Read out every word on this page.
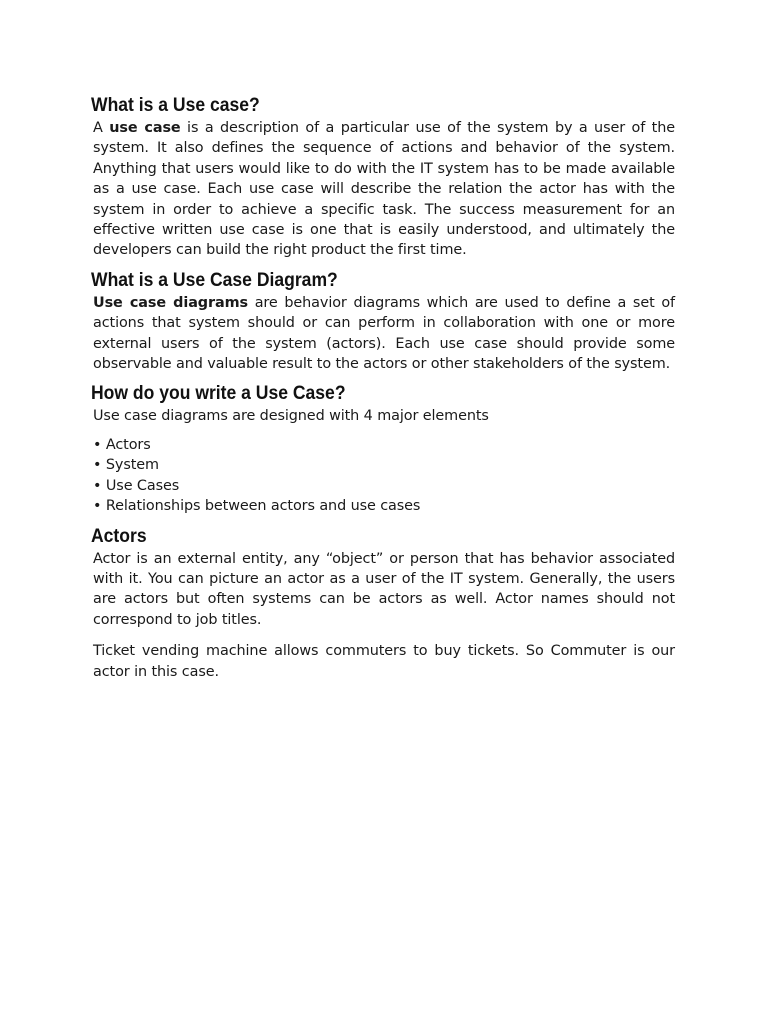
What is a Use case?

A use case is a description of a particular use of the system by a user of the system. It also defines the sequence of actions and behavior of the system. Anything that users would like to do with the IT system has to be made available as a use case. Each use case will describe the relation the actor has with the system in order to achieve a specific task. The success measurement for an effective written use case is one that is easily understood, and ultimately the developers can build the right product the first time.

What is a Use Case Diagram?

Use case diagrams are behavior diagrams which are used to define a set of actions that system should or can perform in collaboration with one or more external users of the system (actors). Each use case should provide some observable and valuable result to the actors or other stakeholders of the system.

How do you write a Use Case?

Use case diagrams are designed with 4 major elements

• Actors
• System
• Use Cases
• Relationships between actors and use cases
Actors

Actor is an external entity, any “object” or person that has behavior associated with it. You can picture an actor as a user of the IT system. Generally, the users are actors but often systems can be actors as well. Actor names should not correspond to job titles.

Ticket vending machine allows commuters to buy tickets. So Commuter is our actor in this case.
